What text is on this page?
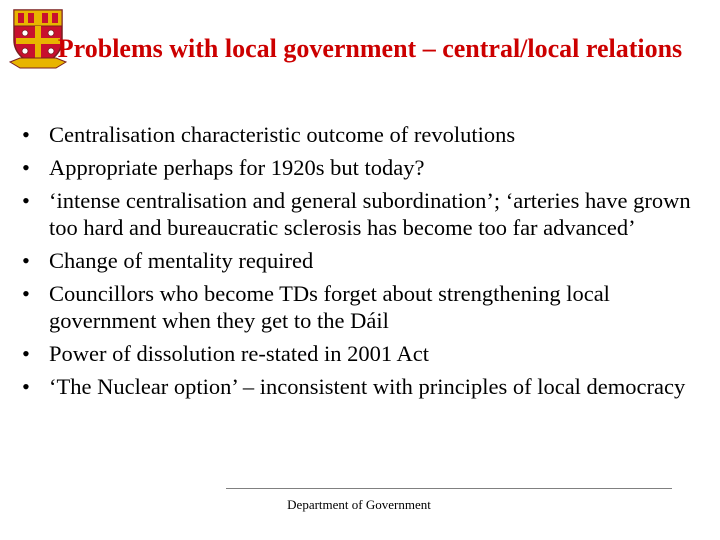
Problems with local government – central/local relations
• Centralisation characteristic outcome of revolutions
• Appropriate perhaps for 1920s but today?
• ‘intense centralisation and general subordination’; ‘arteries have grown too hard and bureaucratic sclerosis has become too far advanced’
• Change of mentality required
• Councillors who become TDs forget about strengthening local government when they get to the Dáil
• Power of dissolution re-stated in 2001 Act
• ‘The Nuclear option’ – inconsistent with principles of local democracy
Department of Government
